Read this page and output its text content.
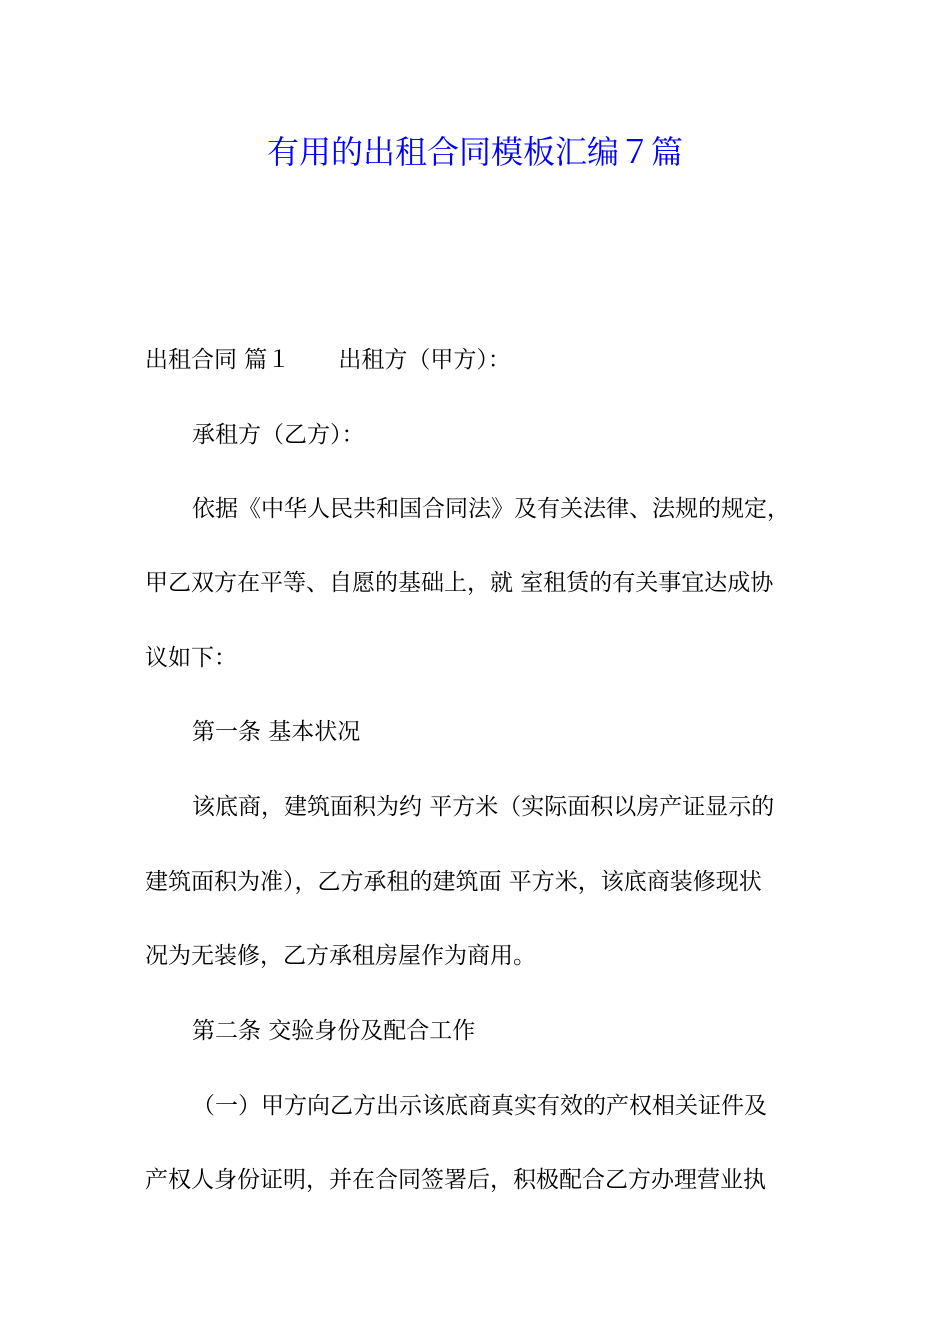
有用的出租合同模板汇编７篇
出租合同 篇１ 出租方（甲方）：
承租方（乙方）：
依据《中华人民共和国合同法》及有关法律、法规的规定，
甲乙双方在平等、自愿的基础上，就 室租赁的有关事宜达成协
议如下：
第一条 基本状况
该底商，建筑面积为约 平方米（实际面积以房产证显示的
建筑面积为准），乙方承租的建筑面 平方米，该底商装修现状
况为无装修，乙方承租房屋作为商用。
第二条 交验身份及配合工作
（一）甲方向乙方出示该底商真实有效的产权相关证件及
产权人身份证明，并在合同签署后，积极配合乙方办理营业执
